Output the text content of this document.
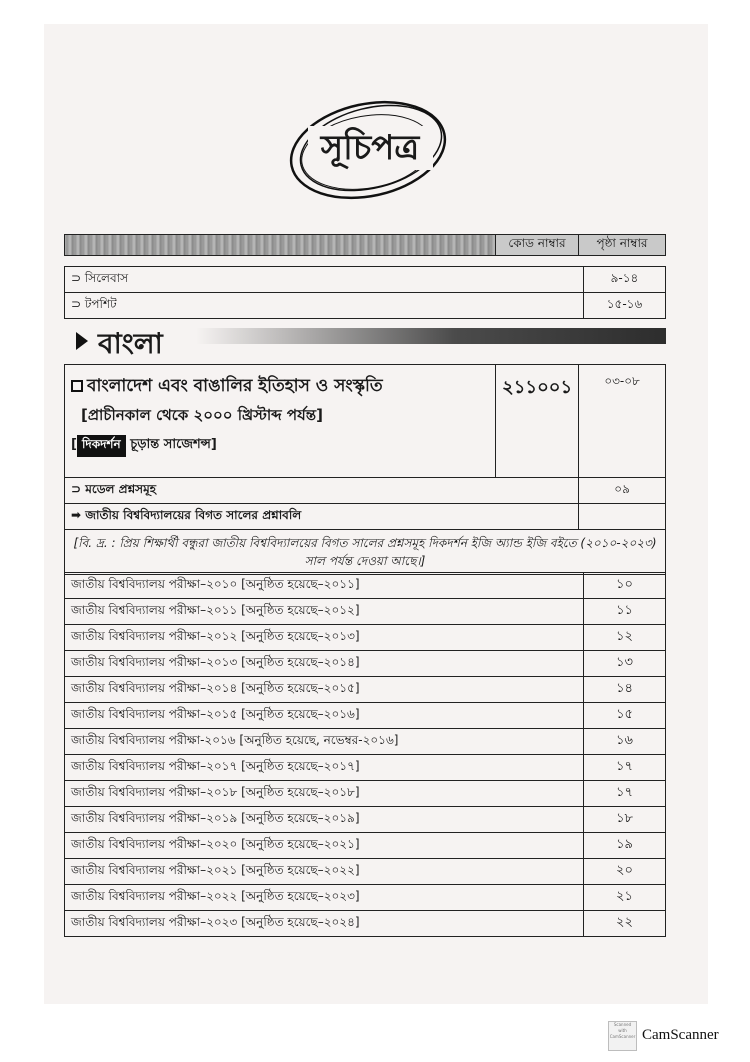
সূচিপত্র
	কোড নাম্বার	পৃষ্ঠা নাম্বার
⊃ সিলেবাস	৯-১৪
⊃ টপশিট	১৫-১৬
বাংলা
বাংলাদেশ এবং বাঙালির ইতিহাস ও সংস্কৃতি
[প্রাচীনকাল থেকে ২০০০ খ্রিস্টাব্দ পর্যন্ত]
[ দিকদর্শন চূড়ান্ত সাজেশন্স]	২১১০০১	০৩-০৮
⊃ মডেল প্রশ্নসমূহ		০৯
➡ জাতীয় বিশ্ববিদ্যালয়ের বিগত সালের প্রশ্নাবলি		
[বি. দ্র. : প্রিয় শিক্ষার্থী বন্ধুরা জাতীয় বিশ্ববিদ্যালয়ের বিগত সালের প্রশ্নসমূহ দিকদর্শন ইজি অ্যান্ড ইজি বইতে (২০১০-২০২৩) সাল পর্যন্ত দেওয়া আছে।]		
জাতীয় বিশ্ববিদ্যালয় পরীক্ষা–২০১০ [অনুষ্ঠিত হয়েছে–২০১১]	১০
জাতীয় বিশ্ববিদ্যালয় পরীক্ষা–২০১১ [অনুষ্ঠিত হয়েছে–২০১২]	১১
জাতীয় বিশ্ববিদ্যালয় পরীক্ষা–২০১২ [অনুষ্ঠিত হয়েছে–২০১৩]	১২
জাতীয় বিশ্ববিদ্যালয় পরীক্ষা–২০১৩ [অনুষ্ঠিত হয়েছে–২০১৪]	১৩
জাতীয় বিশ্ববিদ্যালয় পরীক্ষা–২০১৪ [অনুষ্ঠিত হয়েছে–২০১৫]	১৪
জাতীয় বিশ্ববিদ্যালয় পরীক্ষা–২০১৫ [অনুষ্ঠিত হয়েছে–২০১৬]	১৫
জাতীয় বিশ্ববিদ্যালয় পরীক্ষা-২০১৬ [অনুষ্ঠিত হয়েছে, নভেম্বর-২০১৬]	১৬
জাতীয় বিশ্ববিদ্যালয় পরীক্ষা–২০১৭ [অনুষ্ঠিত হয়েছে–২০১৭]	১৭
জাতীয় বিশ্ববিদ্যালয় পরীক্ষা–২০১৮ [অনুষ্ঠিত হয়েছে–২০১৮]	১৭
জাতীয় বিশ্ববিদ্যালয় পরীক্ষা–২০১৯ [অনুষ্ঠিত হয়েছে–২০১৯]	১৮
জাতীয় বিশ্ববিদ্যালয় পরীক্ষা–২০২০ [অনুষ্ঠিত হয়েছে–২০২১]	১৯
জাতীয় বিশ্ববিদ্যালয় পরীক্ষা–২০২১ [অনুষ্ঠিত হয়েছে–২০২২]	২০
জাতীয় বিশ্ববিদ্যালয় পরীক্ষা–২০২২ [অনুষ্ঠিত হয়েছে–২০২৩]	২১
জাতীয় বিশ্ববিদ্যালয় পরীক্ষা–২০২৩ [অনুষ্ঠিত হয়েছে–২০২৪]	২২
Scanned with CamScanner CamScanner
